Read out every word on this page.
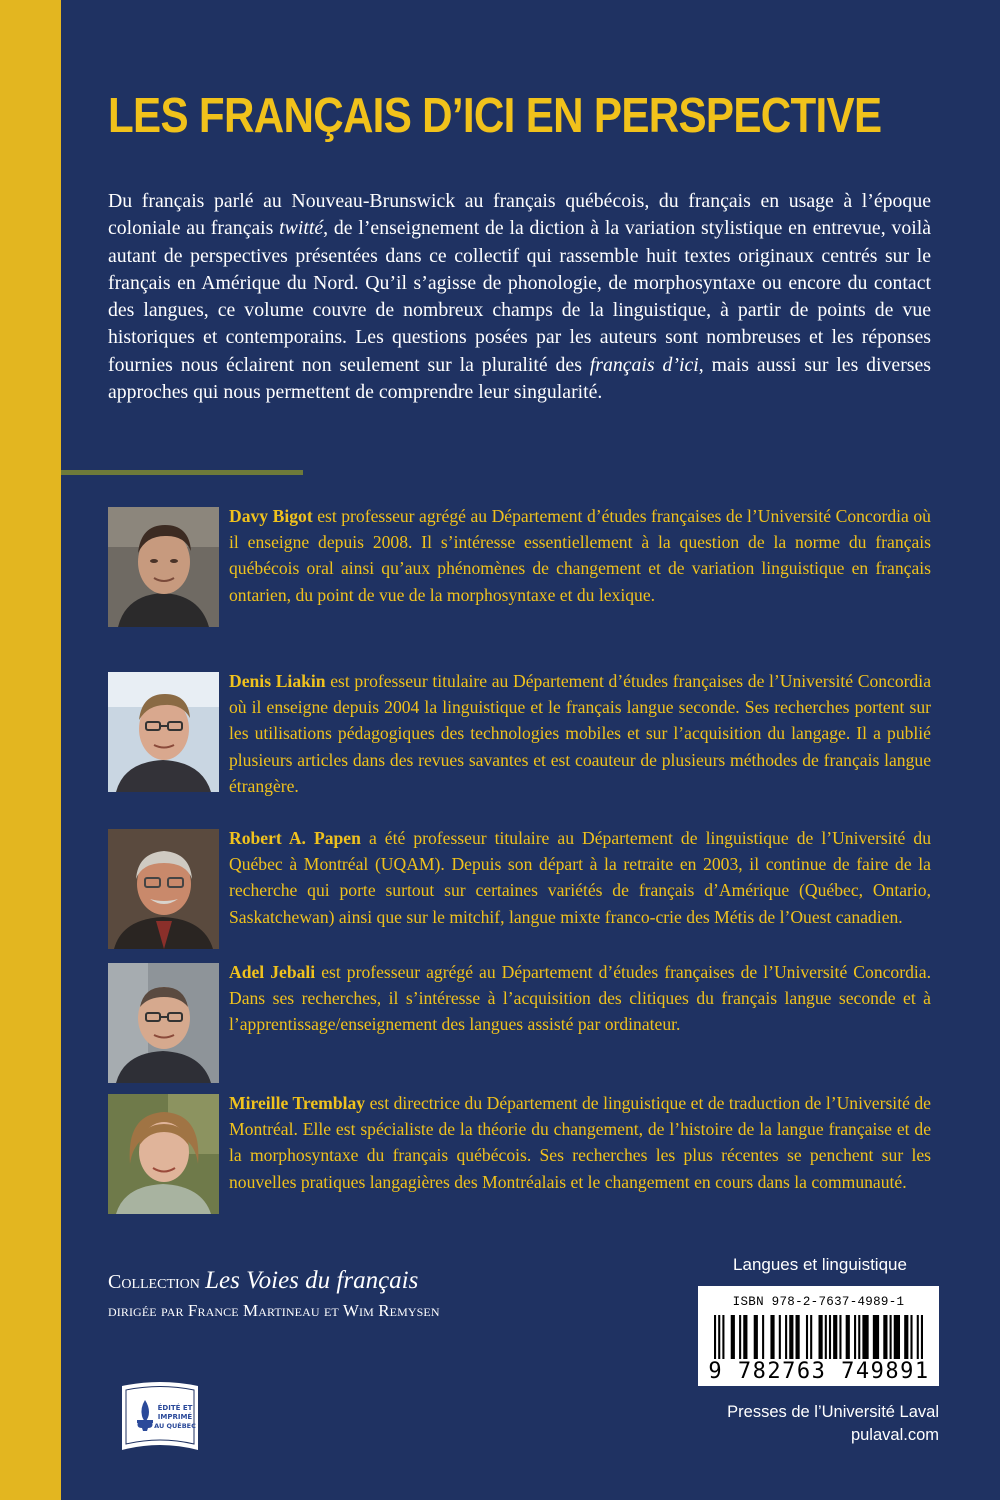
LES FRANÇAIS D’ICI EN PERSPECTIVE

Du français parlé au Nouveau-Brunswick au français québécois, du français en usage à l’époque coloniale au français twitté, de l’enseignement de la diction à la variation stylistique en entrevue, voilà autant de perspectives présentées dans ce collectif qui rassemble huit textes originaux centrés sur le français en Amérique du Nord. Qu’il s’agisse de phonologie, de morphosyntaxe ou encore du contact des langues, ce volume couvre de nombreux champs de la linguistique, à partir de points de vue historiques et contemporains. Les questions posées par les auteurs sont nombreuses et les réponses fournies nous éclairent non seulement sur la pluralité des français d’ici, mais aussi sur les diverses approches qui nous permettent de comprendre leur singularité.

Davy Bigot est professeur agrégé au Département d’études françaises de l’Université Concordia où il enseigne depuis 2008. Il s’intéresse essentiellement à la question de la norme du français québécois oral ainsi qu’aux phénomènes de changement et de variation linguistique en français ontarien, du point de vue de la morphosyntaxe et du lexique.

Denis Liakin est professeur titulaire au Département d’études françaises de l’Université Concordia où il enseigne depuis 2004 la linguistique et le français langue seconde. Ses recherches portent sur les utilisations pédagogiques des technologies mobiles et sur l’acquisition du langage. Il a publié plusieurs articles dans des revues savantes et est coauteur de plusieurs méthodes de français langue étrangère.

Robert A. Papen a été professeur titulaire au Département de linguistique de l’Université du Québec à Montréal (UQAM). Depuis son départ à la retraite en 2003, il continue de faire de la recherche qui porte surtout sur certaines variétés de français d’Amérique (Québec, Ontario, Saskatchewan) ainsi que sur le mitchif, langue mixte franco-crie des Métis de l’Ouest canadien.

Adel Jebali est professeur agrégé au Département d’études françaises de l’Université Concordia. Dans ses recherches, il s’intéresse à l’acquisition des clitiques du français langue seconde et à l’apprentissage/enseignement des langues assisté par ordinateur.

Mireille Tremblay est directrice du Département de linguistique et de traduction de l’Université de Montréal. Elle est spécialiste de la théorie du changement, de l’histoire de la langue française et de la morphosyntaxe du français québécois. Ses recherches les plus récentes se penchent sur les nouvelles pratiques langagières des Montréalais et le changement en cours dans la communauté.

Collection Les Voies du français
dirigée par France Martineau et Wim Remysen

ÉDITÉ ET
IMPRIMÉ
AU QUÉBEC

Langues et linguistique

ISBN 978-2-7637-4989-1

9 782763 749891

Presses de l’Université Laval
pulaval.com
